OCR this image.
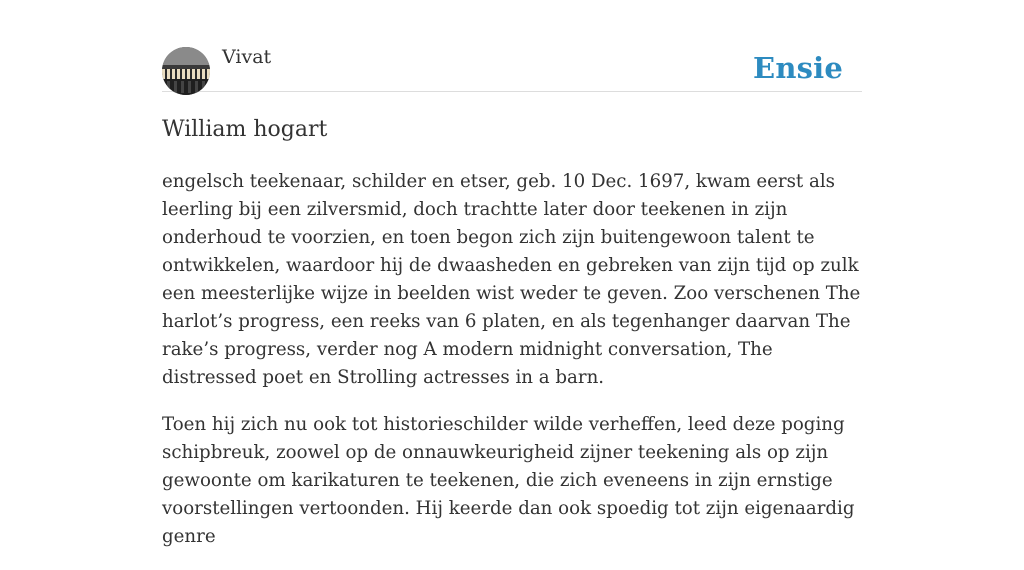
Vivat	Ensie
William hogart

engelsch teekenaar, schilder en etser, geb. 10 Dec. 1697, kwam eerst als leerling bij een zilversmid, doch trachtte later door teekenen in zijn onderhoud te voorzien, en toen begon zich zijn buitengewoon talent te ontwikkelen, waardoor hij de dwaasheden en gebreken van zijn tijd op zulk een meesterlijke wijze in beelden wist weder te geven. Zoo verschenen The harlot’s progress, een reeks van 6 platen, en als tegenhanger daarvan The rake’s progress, verder nog A modern midnight conversation, The distressed poet en Strolling actresses in a barn.

Toen hij zich nu ook tot historieschilder wilde verheffen, leed deze poging schipbreuk, zoowel op de onnauwkeurigheid zijner teekening als op zijn gewoonte om karikaturen te teekenen, die zich eveneens in zijn ernstige voorstellingen vertoonden. Hij keerde dan ook spoedig tot zijn eigenaardig genre
